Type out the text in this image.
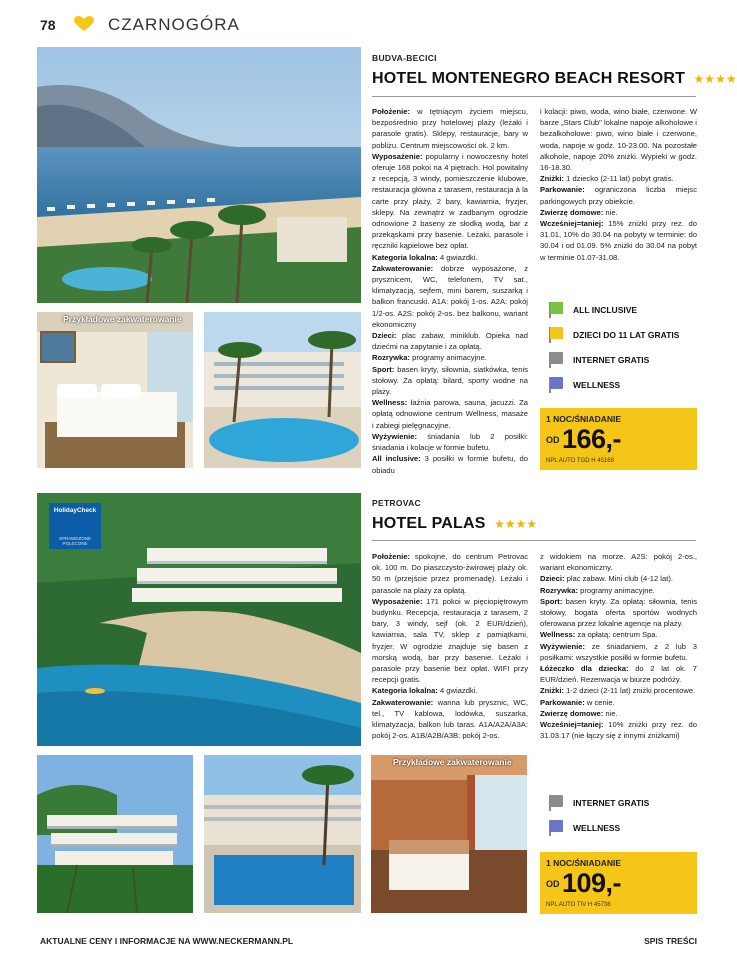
78	CZARNOGÓRA
Przykładowe zakwaterowanie
BUDVA-BECICI
HOTEL MONTENEGRO BEACH RESORT ★ ★ ★ ★

Położenie: w tętniącym życiem miejscu, bezpośrednio przy hotelowej plaży (leżaki i parasole gratis). Sklepy, restauracje, bary w pobliżu. Centrum miejscowości ok. 2 km.

Wyposażenie: popularny i nowoczesny hotel oferuje 168 pokoi na 4 piętrach. Hol powitalny z recepcją, 3 windy, pomieszczenie klubowe, restauracja główna z tarasem, restauracja à la carte przy plaży, 2 bary, kawiarnia, fryzjer, sklepy. Na zewnątrz w zadbanym ogrodzie odnowione 2 baseny ze słodką wodą, bar z przekąskami przy basenie. Leżaki, parasole i ręczniki kąpielowe bez opłat.

Kategoria lokalna: 4 gwiazdki.

Zakwaterowanie: dobrze wyposażone, z prysznicem, WC, telefonem, TV sat., klimatyzacją, sejfem, mini barem, suszarką i balkon francuski. A1A: pokój 1-os. A2A: pokój 1/2-os. A2S: pokój 2-os. bez balkonu, wariant ekonomiczny

Dzieci: plac zabaw, miniklub. Opieka nad dziećmi na zapytanie i za opłatą.

Rozrywka: programy animacyjne.

Sport: basen kryty, siłownia, siatkówka, tenis stołowy. Za opłatą: bilard, sporty wodne na plaży.

Wellness: łaźnia parowa, sauna, jacuzzi. Za opłatą odnowione centrum Wellness, masaże i zabiegi pielęgnacyjne.

Wyżywienie: śniadania lub 2 posiłki: śniadania i kolacje w formie bufetu.

All inclusive: 3 posiłki w formie bufetu, do obiadu

i kolacji: piwo, woda, wino białe, czerwone. W barze „Stars Club" lokalne napoje alkoholowe i bezalkoholowe: piwo, wino białe i czerwone, woda, napoje w godz. 10-23.00. Na pozostałe alkohole, napoje 20% zniżki. Wypieki w godz. 16-18.30.

Zniżki: 1 dziecko (2-11 lat) pobyt gratis.

Parkowanie: ograniczona liczba miejsc parkingowych przy obiekcie.

Zwierzę domowe: nie.

Wcześniej=taniej: 15% zniżki przy rez. do 31.01, 10% do 30.04 na pobyty w terminie: do 30.04 i od 01.09. 5% zniżki do 30.04 na pobyt w terminie 01.07-31.08.

ALL INCLUSIVE
DZIECI DO 11 LAT GRATIS
INTERNET GRATIS
WELLNESS
1 NOC/ŚNIADANIE
OD 166,-
NPL AUTO TGD H 45168
HolidayCheck
SPRAWDZONE POLECONE
Przykładowe zakwaterowanie
PETROVAC
HOTEL PALAS ★ ★ ★ ★

Położenie: spokojne, do centrum Petrovac ok. 100 m. Do piaszczysto-żwirowej plaży ok. 50 m (przejście przez promenadę). Leżaki i parasole na plaży za opłatą.

Wyposażenie: 171 pokoi w pięciopiętrowym budynku. Recepcja, restauracja z tarasem, 2 bary, 3 windy, sejf (ok. 2 EUR/dzień), kawiarnia, sala TV, sklep z pamiątkami, fryzjer. W ogrodzie znajduje się basen z morską wodą, bar przy basenie. Leżaki i parasole przy basenie bez opłat. WIFI przy recepcji gratis.

Kategoria lokalna: 4 gwiazdki.

Zakwaterowanie: wanna lub prysznic, WC, tel., TV kablowa, lodówka, suszarka, klimatyzacja, balkon lub taras. A1A/A2A/A3A: pokój 2-os. A1B/A2B/A3B: pokój 2-os.

z widokiem na morze. A2S: pokój 2-os., wariant ekonomiczny.

Dzieci: plac zabaw. Mini club (4-12 lat).

Rozrywka: programy animacyjne.

Sport: basen kryty. Za opłatą: siłownia, tenis stołowy, bogata oferta sportów wodnych oferowana przez lokalne agencje na plaży.

Wellness: za opłatą: centrum Spa.

Wyżywienie: ze śniadaniem, z 2 lub 3 posiłkami: wszystkie posiłki w formie bufetu.

Łóżeczko dla dziecka: do 2 lat ok. 7 EUR/dzień. Rezerwacja w biurze podróży.

Zniżki: 1-2 dzieci (2-11 lat) zniżki procentowe.

Parkowanie: w cenie.

Zwierzę domowe: nie.

Wcześniej=taniej: 10% zniżki przy rez. do 31.03.17 (nie łączy się z innymi zniżkami)

INTERNET GRATIS
WELLNESS
1 NOC/ŚNIADANIE
OD 109,-
NPL AUTO TIV H 45738
AKTUALNE CENY I INFORMACJE NA WWW.NECKERMANN.PL	SPIS TREŚCI
